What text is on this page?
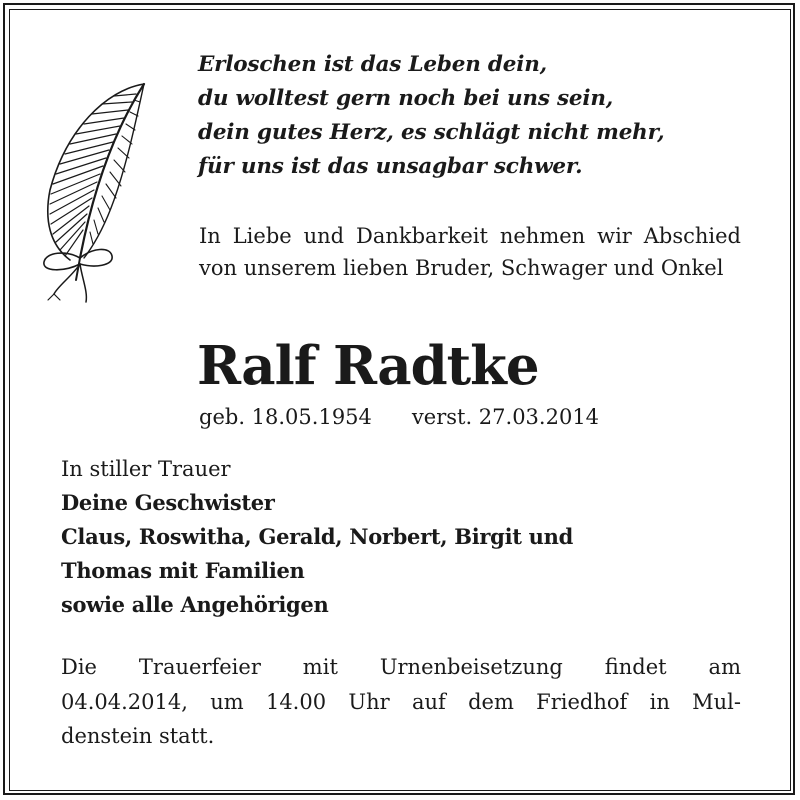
Erloschen ist das Leben dein,
du wolltest gern noch bei uns sein,
dein gutes Herz, es schlägt nicht mehr,
für uns ist das unsagbar schwer.
In Liebe und Dankbarkeit nehmen wir Abschied von unserem lieben Bruder, Schwager und Onkel
Ralf Radtke
geb. 18.05.1954 verst. 27.03.2014
In stiller Trauer
Deine Geschwister
Claus, Roswitha, Gerald, Norbert, Birgit und
Thomas mit Familien
sowie alle Angehörigen
Die Trauerfeier mit Urnenbeisetzung findet am
04.04.2014, um 14.00 Uhr auf dem Friedhof in Mul-
denstein statt.
